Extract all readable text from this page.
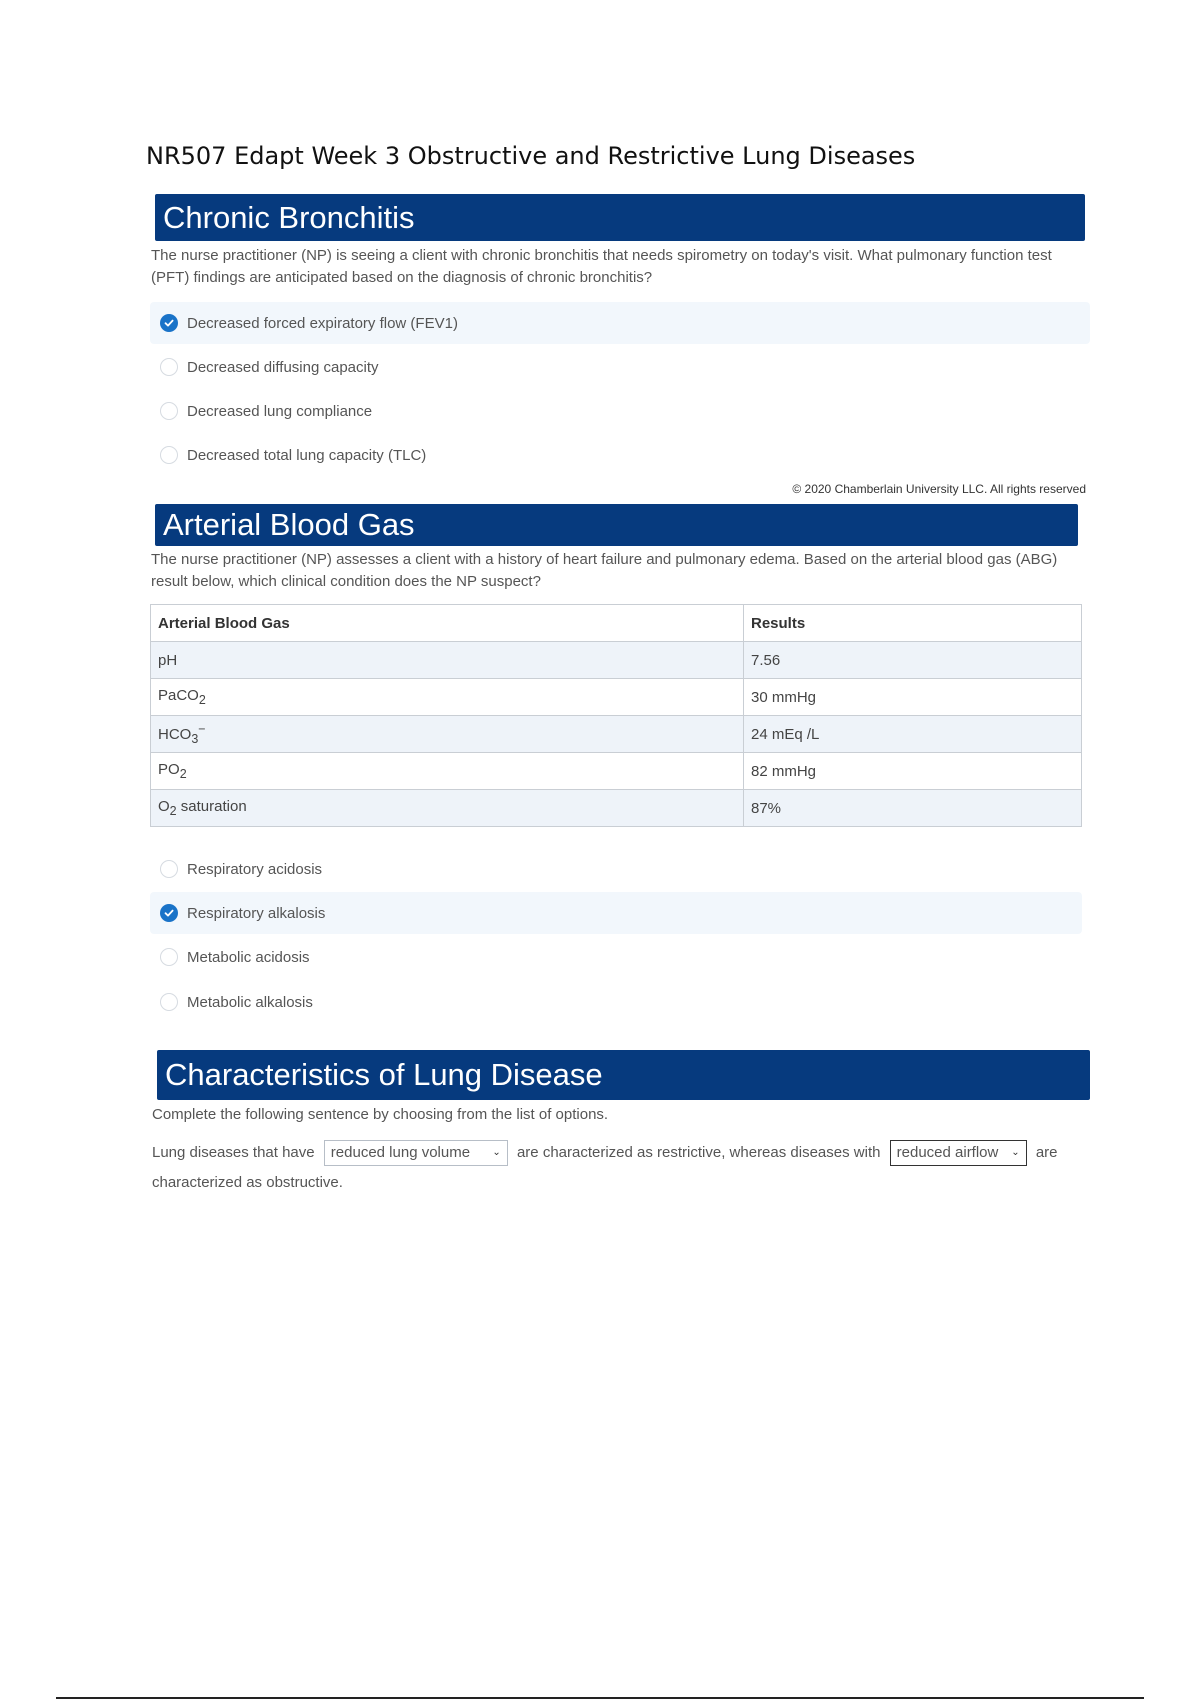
NR507 Edapt Week 3 Obstructive and Restrictive Lung Diseases
Chronic Bronchitis

The nurse practitioner (NP) is seeing a client with chronic bronchitis that needs spirometry on today's visit. What pulmonary function test (PFT) findings are anticipated based on the diagnosis of chronic bronchitis?

Decreased forced expiratory flow (FEV1)
Decreased diffusing capacity
Decreased lung compliance
Decreased total lung capacity (TLC)
© 2020 Chamberlain University LLC. All rights reserved
Arterial Blood Gas

The nurse practitioner (NP) assesses a client with a history of heart failure and pulmonary edema. Based on the arterial blood gas (ABG) result below, which clinical condition does the NP suspect?

Arterial Blood Gas	Results
pH	7.56
PaCO$_2$	30 mmHg
$HCO_3^-$	24 mEq /L
$PO_2$	82 mmHg
$O_2$ saturation	87%
Respiratory acidosis
Respiratory alkalosis
Metabolic acidosis
Metabolic alkalosis
Characteristics of Lung Disease

Complete the following sentence by choosing from the list of options.

Lung diseases that have reduced lung volume ⌄ are characterized as restrictive, whereas diseases with reduced airflow ⌄ are characterized as obstructive.
